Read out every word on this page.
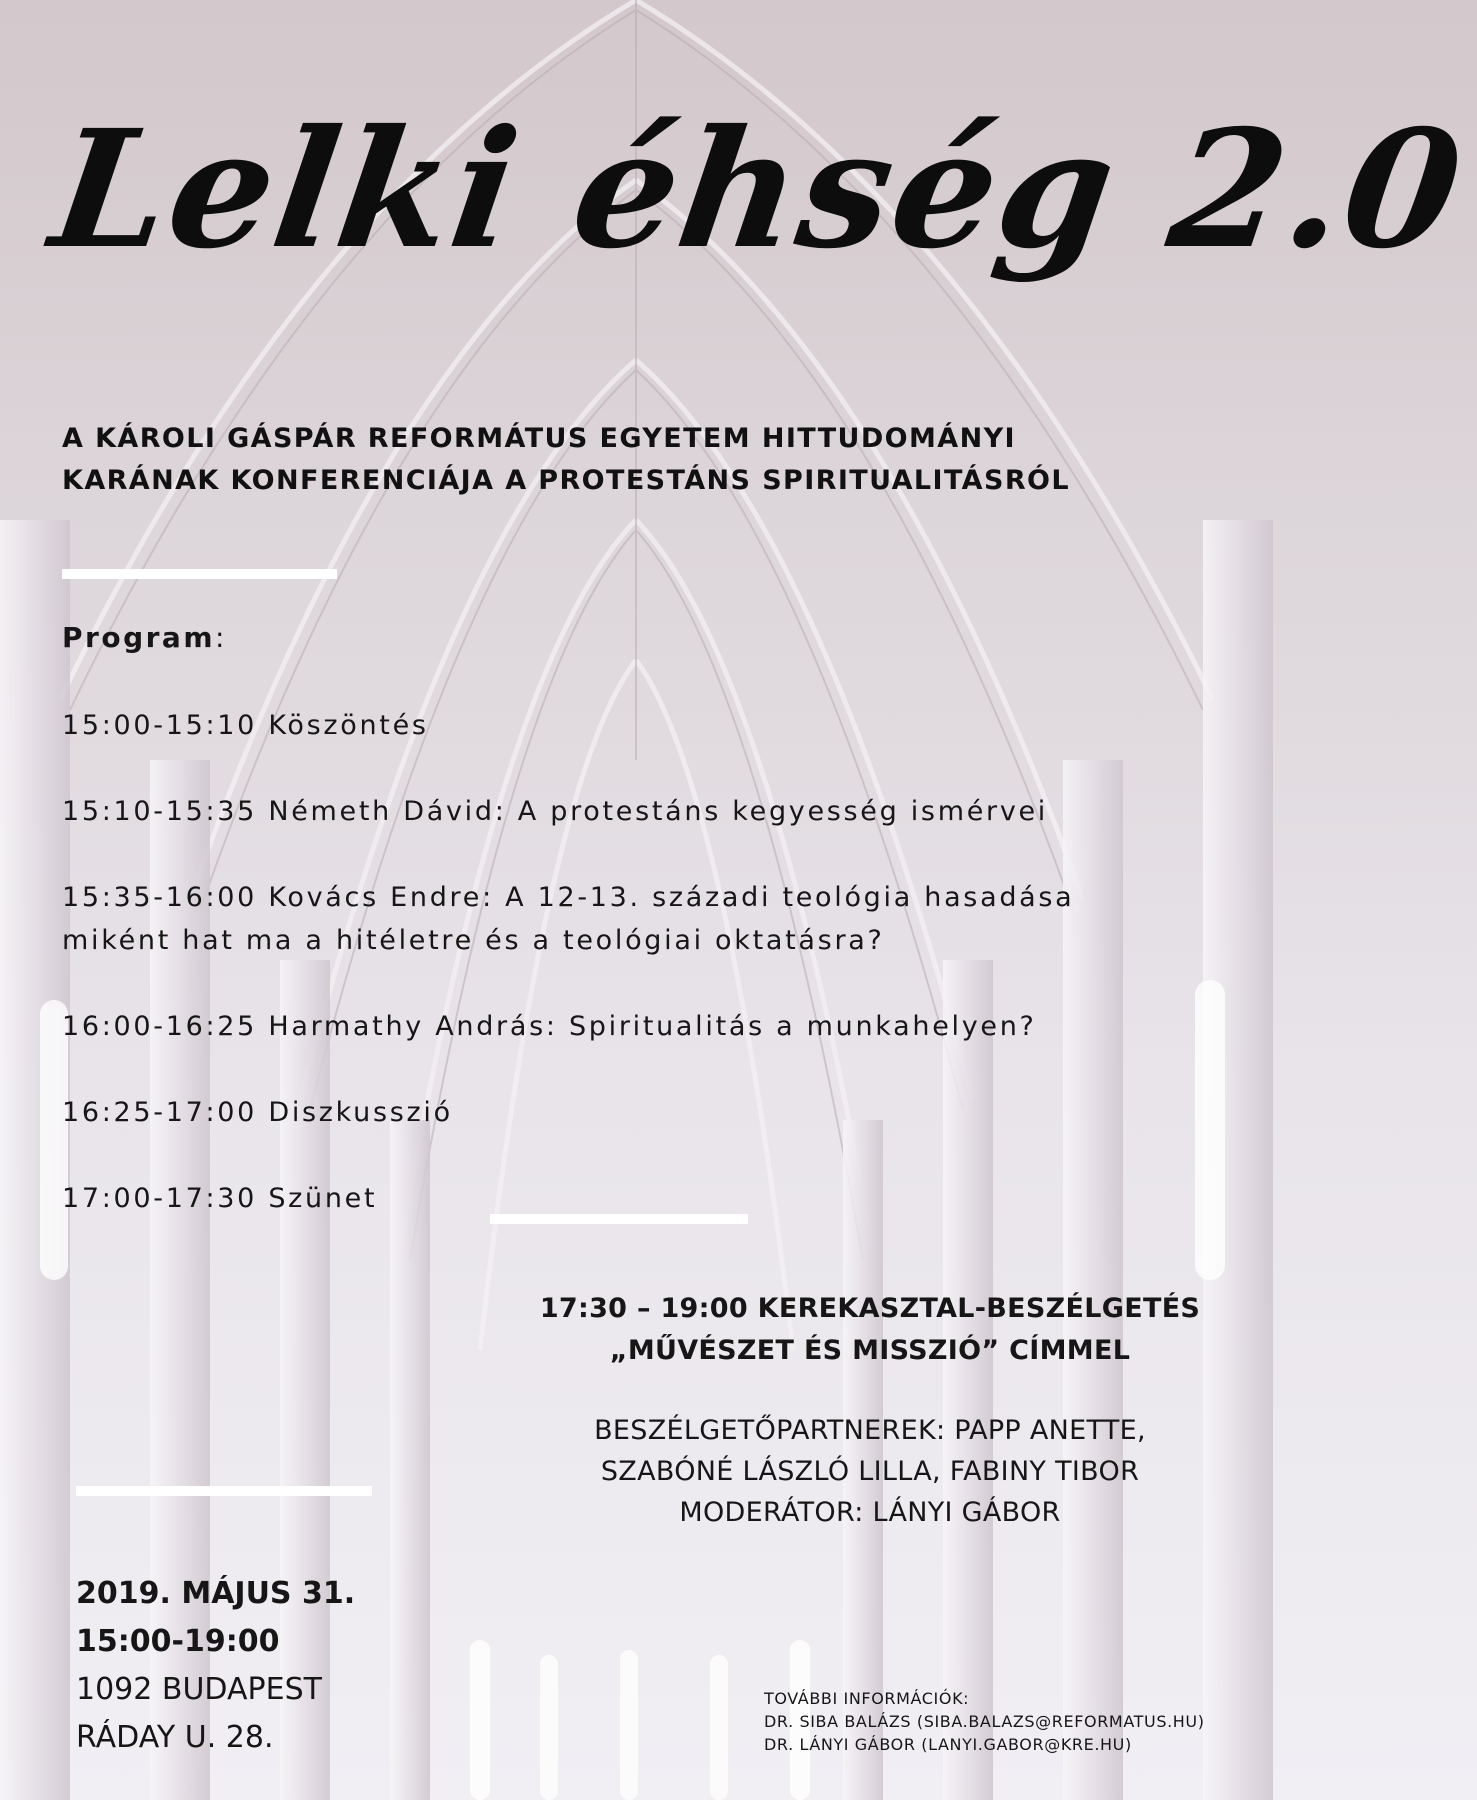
Lelki éhség 2.0
A KÁROLI GÁSPÁR REFORMÁTUS EGYETEM HITTUDOMÁNYI
KARÁNAK KONFERENCIÁJA A PROTESTÁNS SPIRITUALITÁSRÓL
Program:
15:00-15:10 Köszöntés
15:10-15:35 Németh Dávid: A protestáns kegyesség ismérvei
15:35-16:00 Kovács Endre: A 12-13. századi teológia hasadása
miként hat ma a hitéletre és a teológiai oktatásra?
16:00-16:25 Harmathy András: Spiritualitás a munkahelyen?
16:25-17:00 Diszkusszió
17:00-17:30 Szünet
17:30 – 19:00 KEREKASZTAL-BESZÉLGETÉS
„MŰVÉSZET ÉS MISSZIÓ” CÍMMEL
BESZÉLGETŐPARTNEREK: PAPP ANETTE,
SZABÓNÉ LÁSZLÓ LILLA, FABINY TIBOR
MODERÁTOR: LÁNYI GÁBOR
2019. MÁJUS 31.
15:00-19:00
1092 BUDAPEST
RÁDAY U. 28.
TOVÁBBI INFORMÁCIÓK:
DR. SIBA BALÁZS (SIBA.BALAZS@REFORMATUS.HU)
DR. LÁNYI GÁBOR (LANYI.GABOR@KRE.HU)
